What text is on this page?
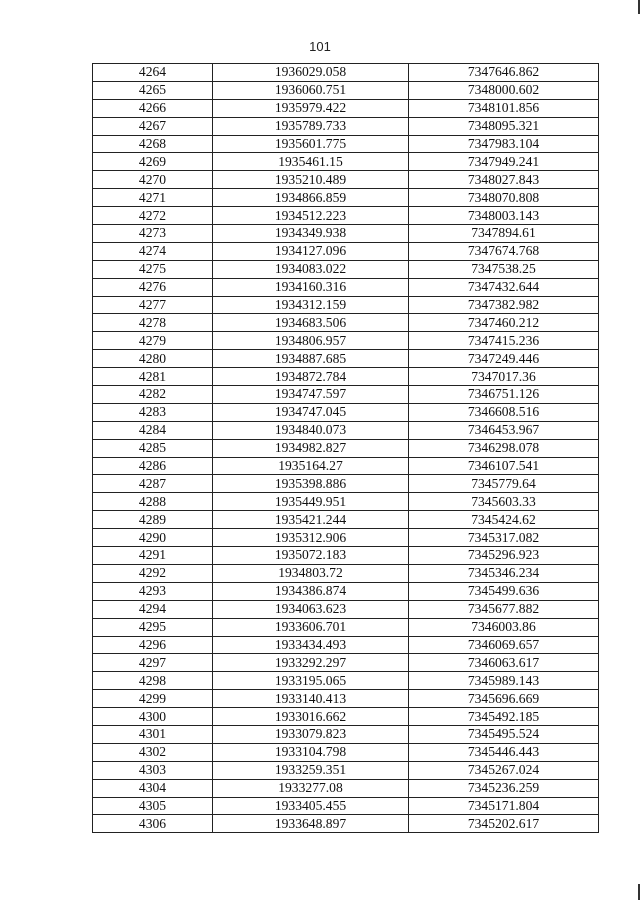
101
4264	1936029.058	7347646.862
4265	1936060.751	7348000.602
4266	1935979.422	7348101.856
4267	1935789.733	7348095.321
4268	1935601.775	7347983.104
4269	1935461.15	7347949.241
4270	1935210.489	7348027.843
4271	1934866.859	7348070.808
4272	1934512.223	7348003.143
4273	1934349.938	7347894.61
4274	1934127.096	7347674.768
4275	1934083.022	7347538.25
4276	1934160.316	7347432.644
4277	1934312.159	7347382.982
4278	1934683.506	7347460.212
4279	1934806.957	7347415.236
4280	1934887.685	7347249.446
4281	1934872.784	7347017.36
4282	1934747.597	7346751.126
4283	1934747.045	7346608.516
4284	1934840.073	7346453.967
4285	1934982.827	7346298.078
4286	1935164.27	7346107.541
4287	1935398.886	7345779.64
4288	1935449.951	7345603.33
4289	1935421.244	7345424.62
4290	1935312.906	7345317.082
4291	1935072.183	7345296.923
4292	1934803.72	7345346.234
4293	1934386.874	7345499.636
4294	1934063.623	7345677.882
4295	1933606.701	7346003.86
4296	1933434.493	7346069.657
4297	1933292.297	7346063.617
4298	1933195.065	7345989.143
4299	1933140.413	7345696.669
4300	1933016.662	7345492.185
4301	1933079.823	7345495.524
4302	1933104.798	7345446.443
4303	1933259.351	7345267.024
4304	1933277.08	7345236.259
4305	1933405.455	7345171.804
4306	1933648.897	7345202.617
